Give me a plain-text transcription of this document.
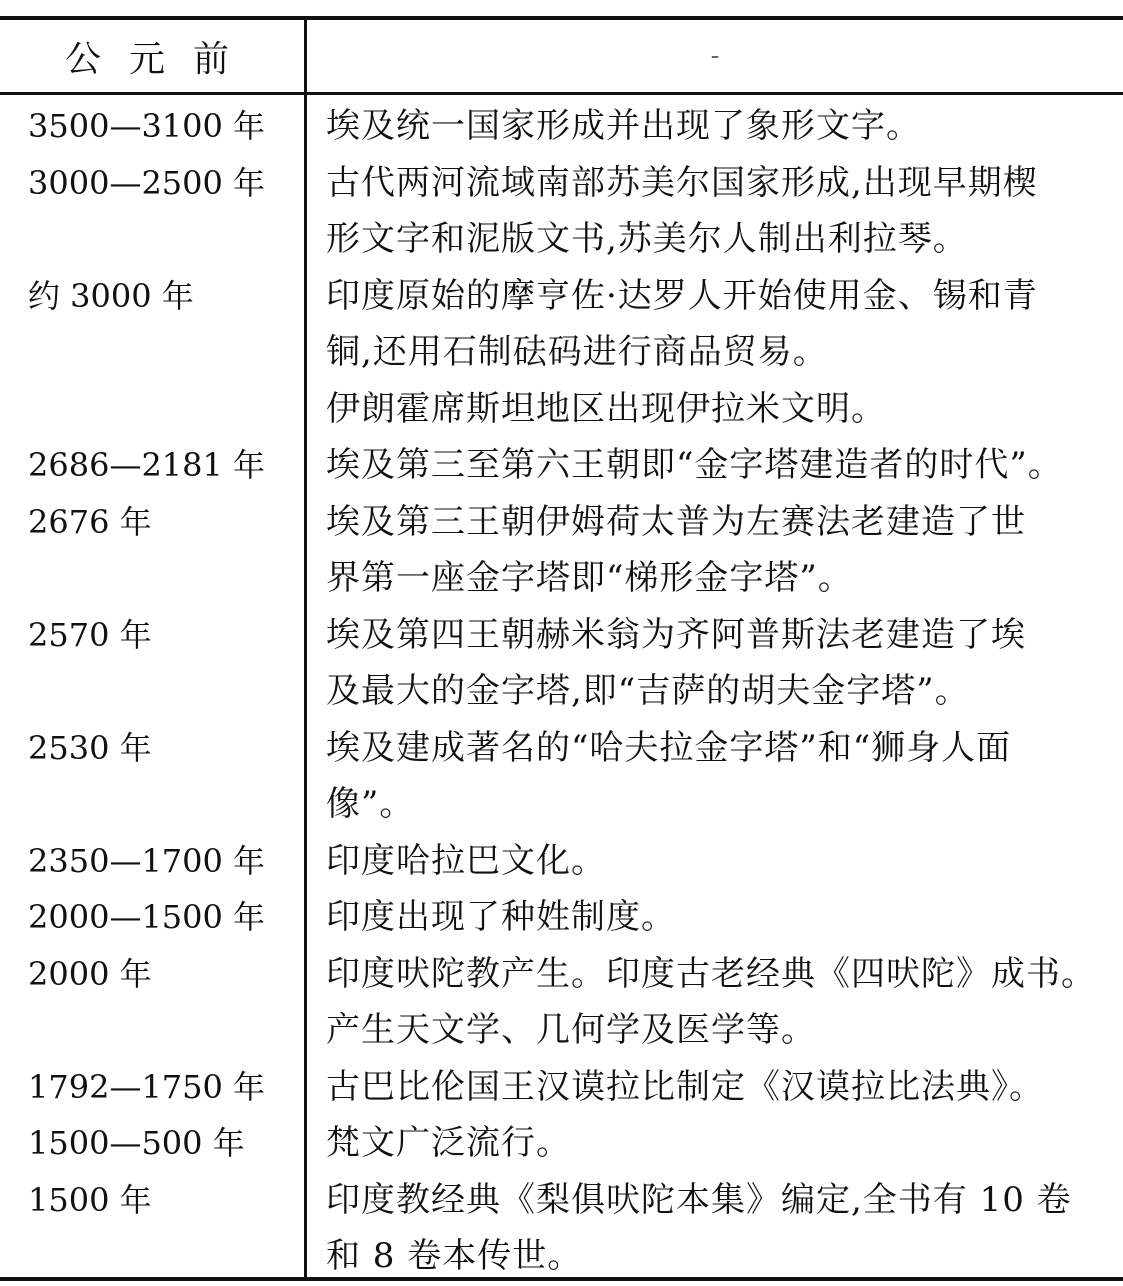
公元前	-
3500—3100 年	埃及统一国家形成并出现了象形文字。
3000—2500 年	古代两河流域南部苏美尔国家形成,出现早期楔
形文字和泥版文书,苏美尔人制出利拉琴。
约 3000 年	印度原始的摩亨佐·达罗人开始使用金、锡和青
铜,还用石制砝码进行商品贸易。
伊朗霍席斯坦地区出现伊拉米文明。
2686—2181 年	埃及第三至第六王朝即“金字塔建造者的时代”。
2676 年	埃及第三王朝伊姆荷太普为左赛法老建造了世
界第一座金字塔即“梯形金字塔”。
2570 年	埃及第四王朝赫米翁为齐阿普斯法老建造了埃
及最大的金字塔,即“吉萨的胡夫金字塔”。
2530 年	埃及建成著名的“哈夫拉金字塔”和“狮身人面
像”。
2350—1700 年	印度哈拉巴文化。
2000—1500 年	印度出现了种姓制度。
2000 年	印度吠陀教产生。印度古老经典《四吠陀》成书。
产生天文学、几何学及医学等。
1792—1750 年	古巴比伦国王汉谟拉比制定《汉谟拉比法典》。
1500—500 年	梵文广泛流行。
1500 年	印度教经典《梨俱吠陀本集》编定,全书有 10 卷
和 8 卷本传世。
